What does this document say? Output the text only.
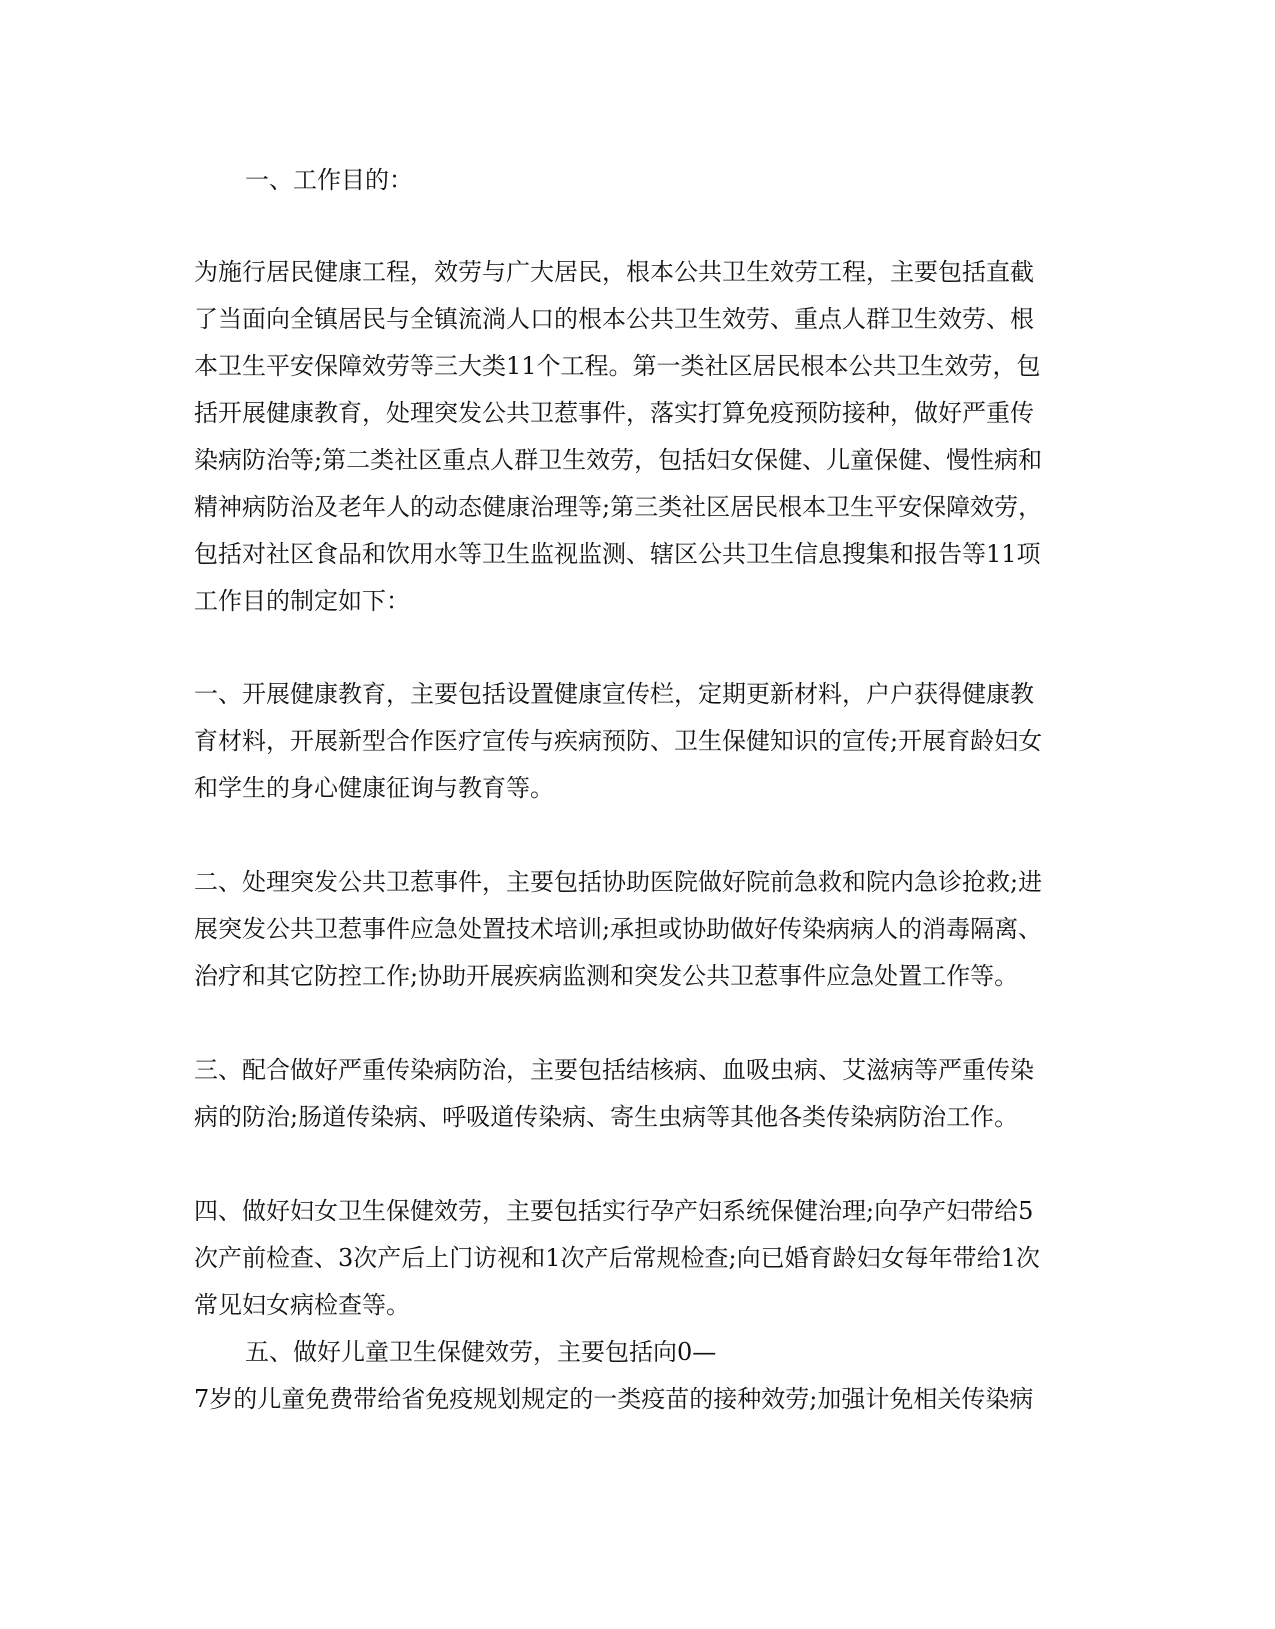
一、工作目的：
为施行居民健康工程，效劳与广大居民，根本公共卫生效劳工程，主要包括直截
了当面向全镇居民与全镇流淌人口的根本公共卫生效劳、重点人群卫生效劳、根
本卫生平安保障效劳等三大类11个工程。第一类社区居民根本公共卫生效劳，包
括开展健康教育，处理突发公共卫惹事件，落实打算免疫预防接种，做好严重传
染病防治等;第二类社区重点人群卫生效劳，包括妇女保健、儿童保健、慢性病和
精神病防治及老年人的动态健康治理等;第三类社区居民根本卫生平安保障效劳，
包括对社区食品和饮用水等卫生监视监测、辖区公共卫生信息搜集和报告等11项
工作目的制定如下：
一、开展健康教育，主要包括设置健康宣传栏，定期更新材料，户户获得健康教
育材料，开展新型合作医疗宣传与疾病预防、卫生保健知识的宣传;开展育龄妇女
和学生的身心健康征询与教育等。
二、处理突发公共卫惹事件，主要包括协助医院做好院前急救和院内急诊抢救;进
展突发公共卫惹事件应急处置技术培训;承担或协助做好传染病病人的消毒隔离、
治疗和其它防控工作;协助开展疾病监测和突发公共卫惹事件应急处置工作等。
三、配合做好严重传染病防治，主要包括结核病、血吸虫病、艾滋病等严重传染
病的防治;肠道传染病、呼吸道传染病、寄生虫病等其他各类传染病防治工作。
四、做好妇女卫生保健效劳，主要包括实行孕产妇系统保健治理;向孕产妇带给5
次产前检查、3次产后上门访视和1次产后常规检查;向已婚育龄妇女每年带给1次
常见妇女病检查等。
五、做好儿童卫生保健效劳，主要包括向0—
7岁的儿童免费带给省免疫规划规定的一类疫苗的接种效劳;加强计免相关传染病
